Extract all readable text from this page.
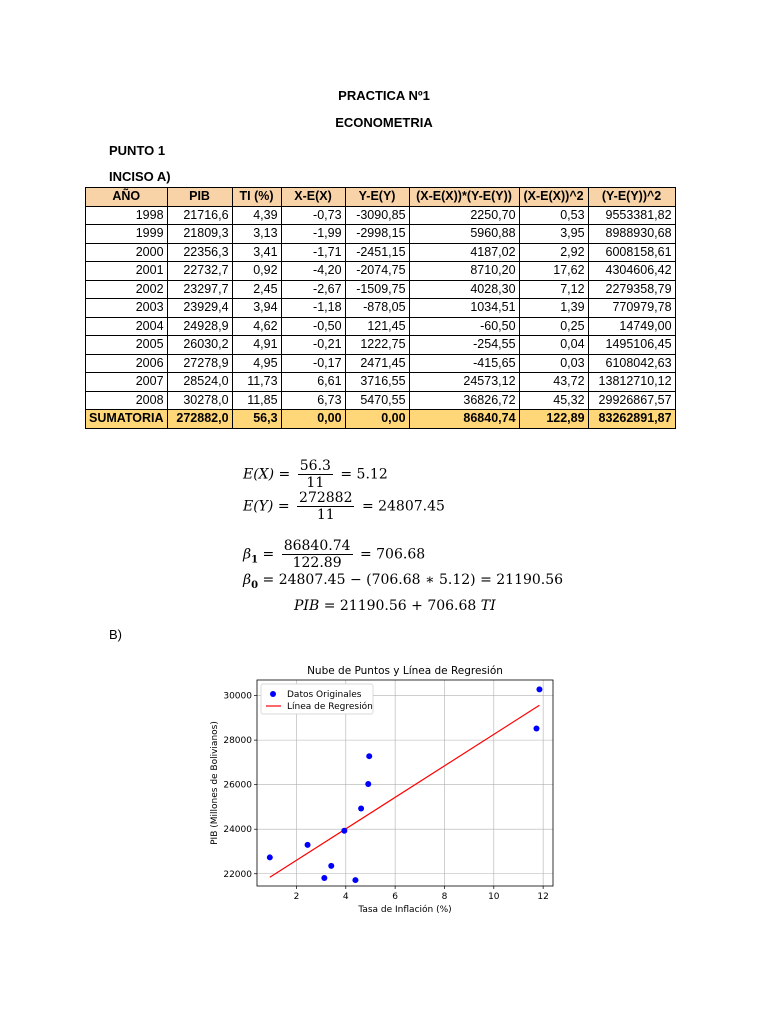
PRACTICA Nº1
ECONOMETRIA
PUNTO 1
INCISO A)
AÑO	PIB	TI (%)	X-E(X)	Y-E(Y)	(X-E(X))*(Y-E(Y))	(X-E(X))^2	(Y-E(Y))^2
1998	21716,6	4,39	-0,73	-3090,85	2250,70	0,53	9553381,82
1999	21809,3	3,13	-1,99	-2998,15	5960,88	3,95	8988930,68
2000	22356,3	3,41	-1,71	-2451,15	4187,02	2,92	6008158,61
2001	22732,7	0,92	-4,20	-2074,75	8710,20	17,62	4304606,42
2002	23297,7	2,45	-2,67	-1509,75	4028,30	7,12	2279358,79
2003	23929,4	3,94	-1,18	-878,05	1034,51	1,39	770979,78
2004	24928,9	4,62	-0,50	121,45	-60,50	0,25	14749,00
2005	26030,2	4,91	-0,21	1222,75	-254,55	0,04	1495106,45
2006	27278,9	4,95	-0,17	2471,45	-415,65	0,03	6108042,63
2007	28524,0	11,73	6,61	3716,55	24573,12	43,72	13812710,12
2008	30278,0	11,85	6,73	5470,55	36826,72	45,32	29926867,57
SUMATORIA	272882,0	56,3	0,00	0,00	86840,74	122,89	83262891,87
$E(X) = \frac{56.3}{11} = 5.12$
$E(Y) = \frac{272882}{11} = 24807.45$
$\beta_1 = \frac{86840.74}{122.89} = 706.68$
$\beta_0 = 24807.45 - (706.68$ ∗ 5.12) = 21190.56
PIB = 21190.56 + 706.68 TI
B)
Nube de Puntos y Línea de Regresión
2	4	6	8	10	12
22000
24000
26000
28000
30000
Tasa de Inflación (%)
PIB (Millones de Bolivianos)
Datos Originales
Línea de Regresión
